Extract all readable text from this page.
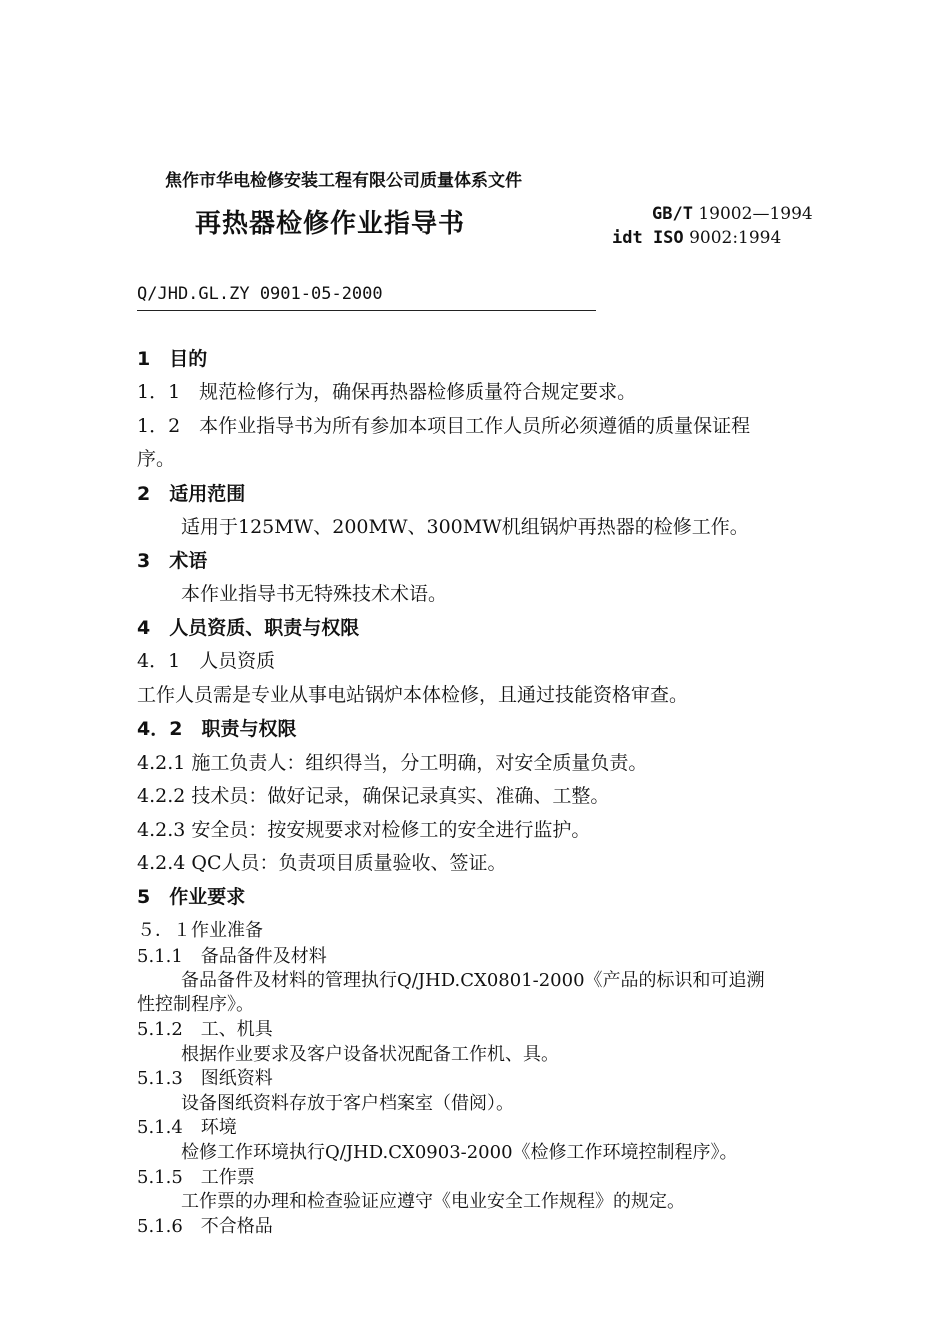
焦作市华电检修安装工程有限公司质量体系文件
再热器检修作业指导书	GB/T 19002—1994
idt ISO 9002:1994
Q/JHD.GL.ZY 0901-05-2000
1　目的
1．1　规范检修行为，确保再热器检修质量符合规定要求。
1．2　本作业指导书为所有参加本项目工作人员所必须遵循的质量保证程
序。
2　适用范围
适用于125MW、200MW、300MW机组锅炉再热器的检修工作。
3　术语
本作业指导书无特殊技术术语。
4　人员资质、职责与权限
4．1　人员资质
工作人员需是专业从事电站锅炉本体检修，且通过技能资格审查。
4．2　职责与权限
4.2.1 施工负责人：组织得当，分工明确，对安全质量负责。
4.2.2 技术员：做好记录，确保记录真实、准确、工整。
4.2.3 安全员：按安规要求对检修工的安全进行监护。
4.2.4 QC人员：负责项目质量验收、签证。
5　作业要求
５．１作业准备
5.1.1　备品备件及材料
备品备件及材料的管理执行Q/JHD.CX0801-2000《产品的标识和可追溯
性控制程序》。
5.1.2　工、机具
根据作业要求及客户设备状况配备工作机、具。
5.1.3　图纸资料
设备图纸资料存放于客户档案室（借阅）。
5.1.4　环境
检修工作环境执行Q/JHD.CX0903-2000《检修工作环境控制程序》。
5.1.5　工作票
工作票的办理和检查验证应遵守《电业安全工作规程》的规定。
5.1.6　不合格品
